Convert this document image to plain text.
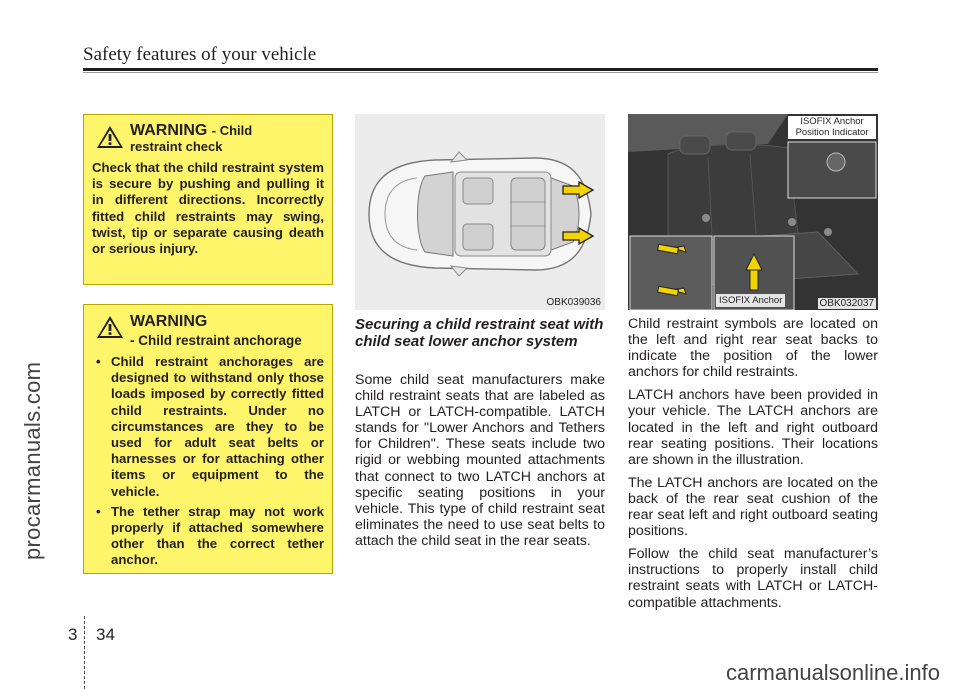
Safety features of your vehicle
procarmanuals.com
carmanualsonline.info
WARNING - Child
restraint check
Check that the child restraint system is secure by pushing and pulling it in different directions. Incorrectly fitted child restraints may swing, twist, tip or separate causing death or serious injury.
WARNING
- Child restraint anchorage
• Child restraint anchorages are designed to withstand only those loads imposed by correctly fitted child restraints. Under no circumstances are they to be used for adult seat belts or harnesses or for attaching other items or equipment to the vehicle.
• The tether strap may not work properly if attached somewhere other than the correct tether anchor.
OBK039036
ISOFIX Anchor
Position Indicator
ISOFIX Anchor	OBK032037
Securing a child restraint seat with child seat lower anchor system

Some child seat manufacturers make child restraint seats that are labeled as LATCH or LATCH-compatible. LATCH stands for "Lower Anchors and Tethers for Children". These seats include two rigid or webbing mounted attachments that connect to two LATCH anchors at specific seating positions in your vehicle. This type of child restraint seat eliminates the need to use seat belts to attach the child seat in the rear seats.

Child restraint symbols are located on the left and right rear seat backs to indicate the position of the lower anchors for child restraints.

LATCH anchors have been provided in your vehicle. The LATCH anchors are located in the left and right outboard rear seating positions. Their locations are shown in the illustration.

The LATCH anchors are located on the back of the rear seat cushion of the rear seat left and right outboard seating positions.

Follow the child seat manufacturer’s instructions to properly install child restraint seats with LATCH or LATCH-compatible attachments.

3 34
